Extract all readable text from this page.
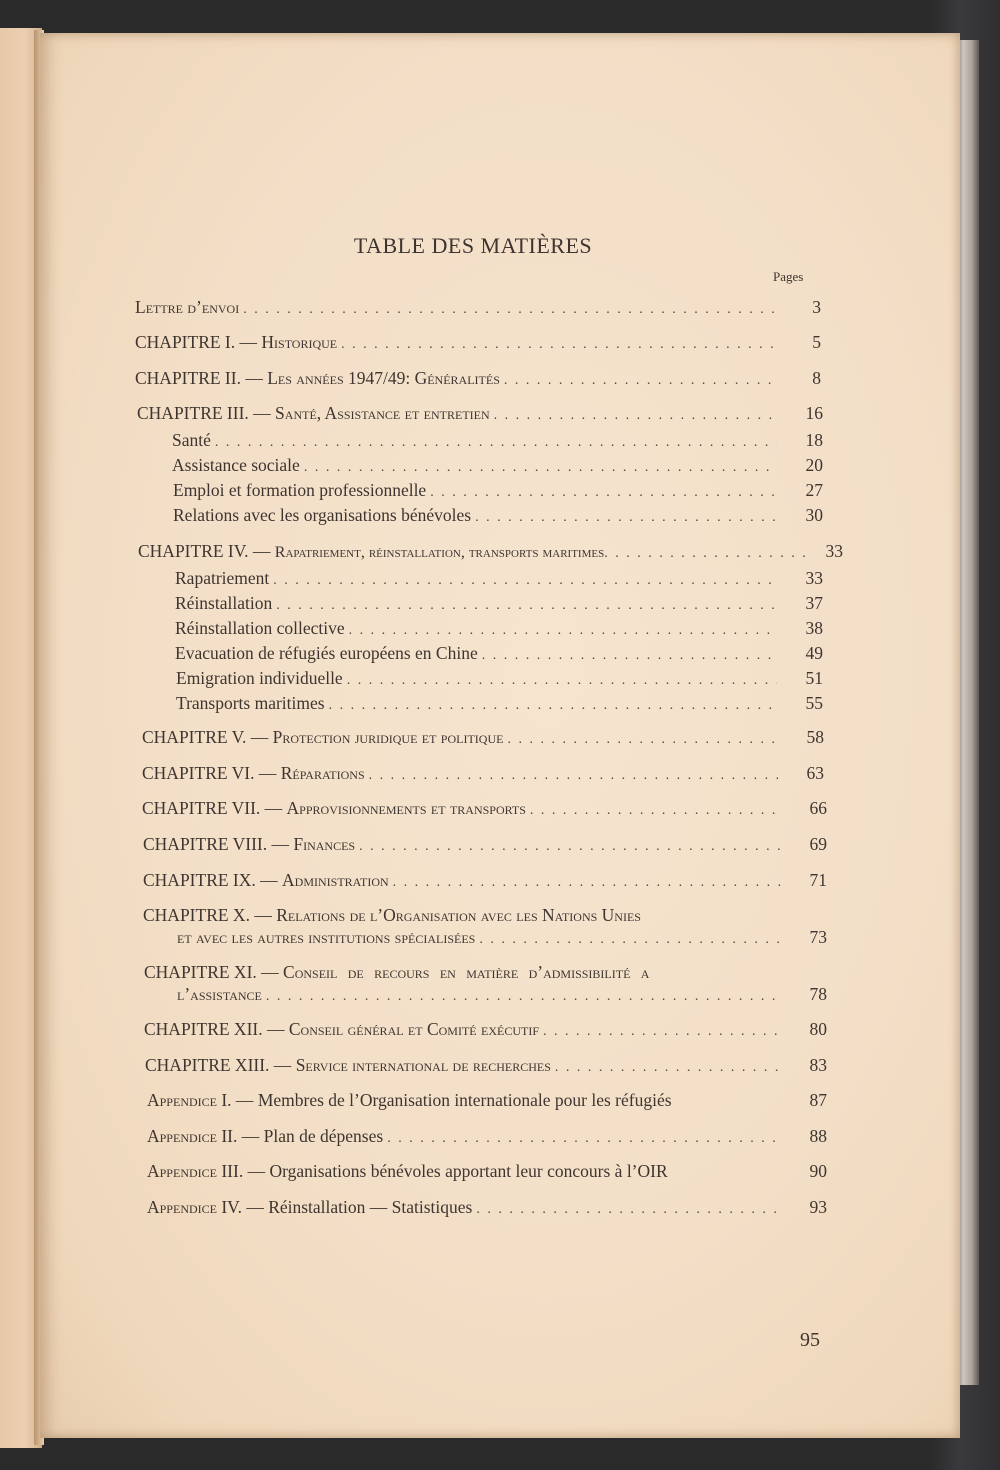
TABLE DES MATIÈRES
Pages
Lettre d’envoi . . .	3
CHAPITRE I. —
Historique . . .	5
CHAPITRE II. —
Les années 1947/49: Généralités . . .	8
CHAPITRE III. —
Santé, Assistance et entretien . . .	16
Santé . . .	18
Assistance sociale . . .	20
Emploi et formation professionnelle . . .	27
Relations avec les organisations bénévoles . . .	30
CHAPITRE IV. —
Rapatriement, réinstallation, transports maritimes . . .	33
Rapatriement . . .	33
Réinstallation . . .	37
Réinstallation collective . . .	38
Evacuation de réfugiés européens en Chine . . .	49
Emigration individuelle . . .	51
Transports maritimes . . .	55
CHAPITRE V. —
Protection juridique et politique . . .	58
CHAPITRE VI. —
Réparations . . .	63
CHAPITRE VII. —
Approvisionnements et transports . . .	66
CHAPITRE VIII. —
Finances . . .	69
CHAPITRE IX. —
Administration . . .	71
CHAPITRE X. —
Relations de l’Organisation avec les Nations Unies
et avec les autres institutions spécialisées . . .	73
CHAPITRE XI. —
Conseil de recours en matière d’admissibilité a
l’assistance . . .	78
CHAPITRE XII. —
Conseil général et Comité exécutif . . .	80
CHAPITRE XIII. —
Service international de recherches . . .	83
Appendice I. —
Membres de l’Organisation internationale pour les réfugiés	87
Appendice II. —
Plan de dépenses . . .	88
Appendice III. —
Organisations bénévoles apportant leur concours à l’OIR	90
Appendice IV. —
Réinstallation — Statistiques . . .	93
95
